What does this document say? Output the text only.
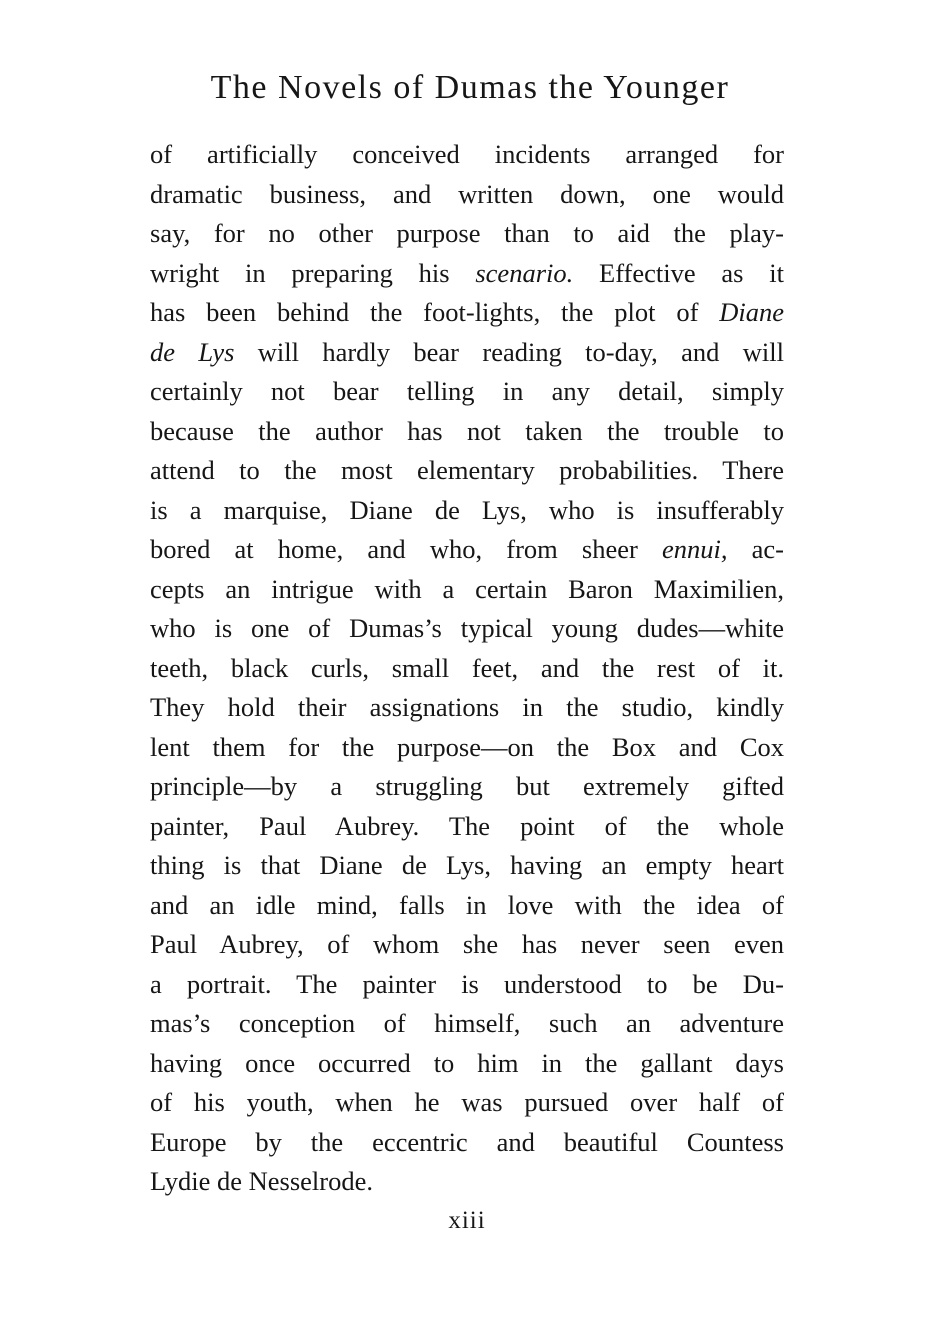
The Novels of Dumas the Younger
of artificially conceived incidents arranged for
dramatic business, and written down, one would
say, for no other purpose than to aid the play-
wright in preparing his scenario. Effective as it
has been behind the foot-lights, the plot of Diane
de Lys will hardly bear reading to-day, and will
certainly not bear telling in any detail, simply
because the author has not taken the trouble to
attend to the most elementary probabilities. There
is a marquise, Diane de Lys, who is insufferably
bored at home, and who, from sheer ennui, ac-
cepts an intrigue with a certain Baron Maximilien,
who is one of Dumas’s typical young dudes—white
teeth, black curls, small feet, and the rest of it.
They hold their assignations in the studio, kindly
lent them for the purpose—on the Box and Cox
principle—by a struggling but extremely gifted
painter, Paul Aubrey. The point of the whole
thing is that Diane de Lys, having an empty heart
and an idle mind, falls in love with the idea of
Paul Aubrey, of whom she has never seen even
a portrait. The painter is understood to be Du-
mas’s conception of himself, such an adventure
having once occurred to him in the gallant days
of his youth, when he was pursued over half of
Europe by the eccentric and beautiful Countess
Lydie de Nesselrode.
xiii
